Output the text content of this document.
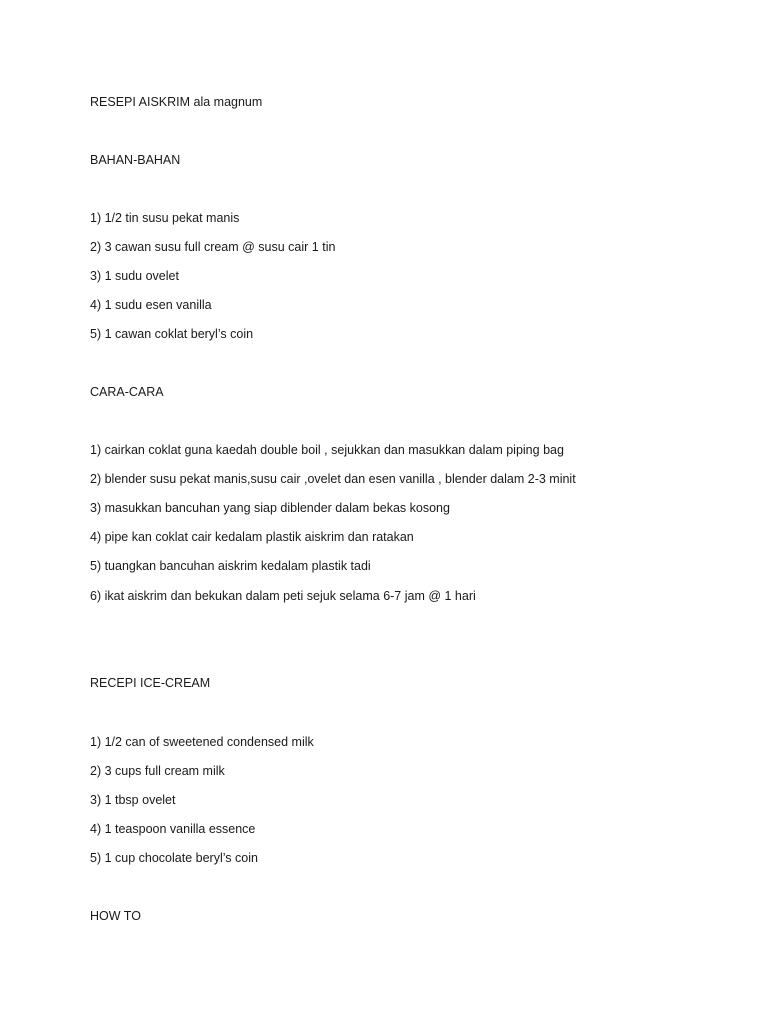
RESEPI AISKRIM ala magnum
BAHAN-BAHAN
1) 1/2 tin susu pekat manis
2) 3 cawan susu full cream @ susu cair 1 tin
3) 1 sudu ovelet
4) 1 sudu esen vanilla
5) 1 cawan coklat beryl’s coin
CARA-CARA
1) cairkan coklat guna kaedah double boil , sejukkan dan masukkan dalam piping bag
2) blender susu pekat manis,susu cair ,ovelet dan esen vanilla , blender dalam 2-3 minit
3) masukkan bancuhan yang siap diblender dalam bekas kosong
4) pipe kan coklat cair kedalam plastik aiskrim dan ratakan
5) tuangkan bancuhan aiskrim kedalam plastik tadi
6) ikat aiskrim dan bekukan dalam peti sejuk selama 6-7 jam @ 1 hari
RECEPI ICE-CREAM
1) 1/2 can of sweetened condensed milk
2) 3 cups full cream milk
3) 1 tbsp ovelet
4) 1 teaspoon vanilla essence
5) 1 cup chocolate beryl’s coin
HOW TO
